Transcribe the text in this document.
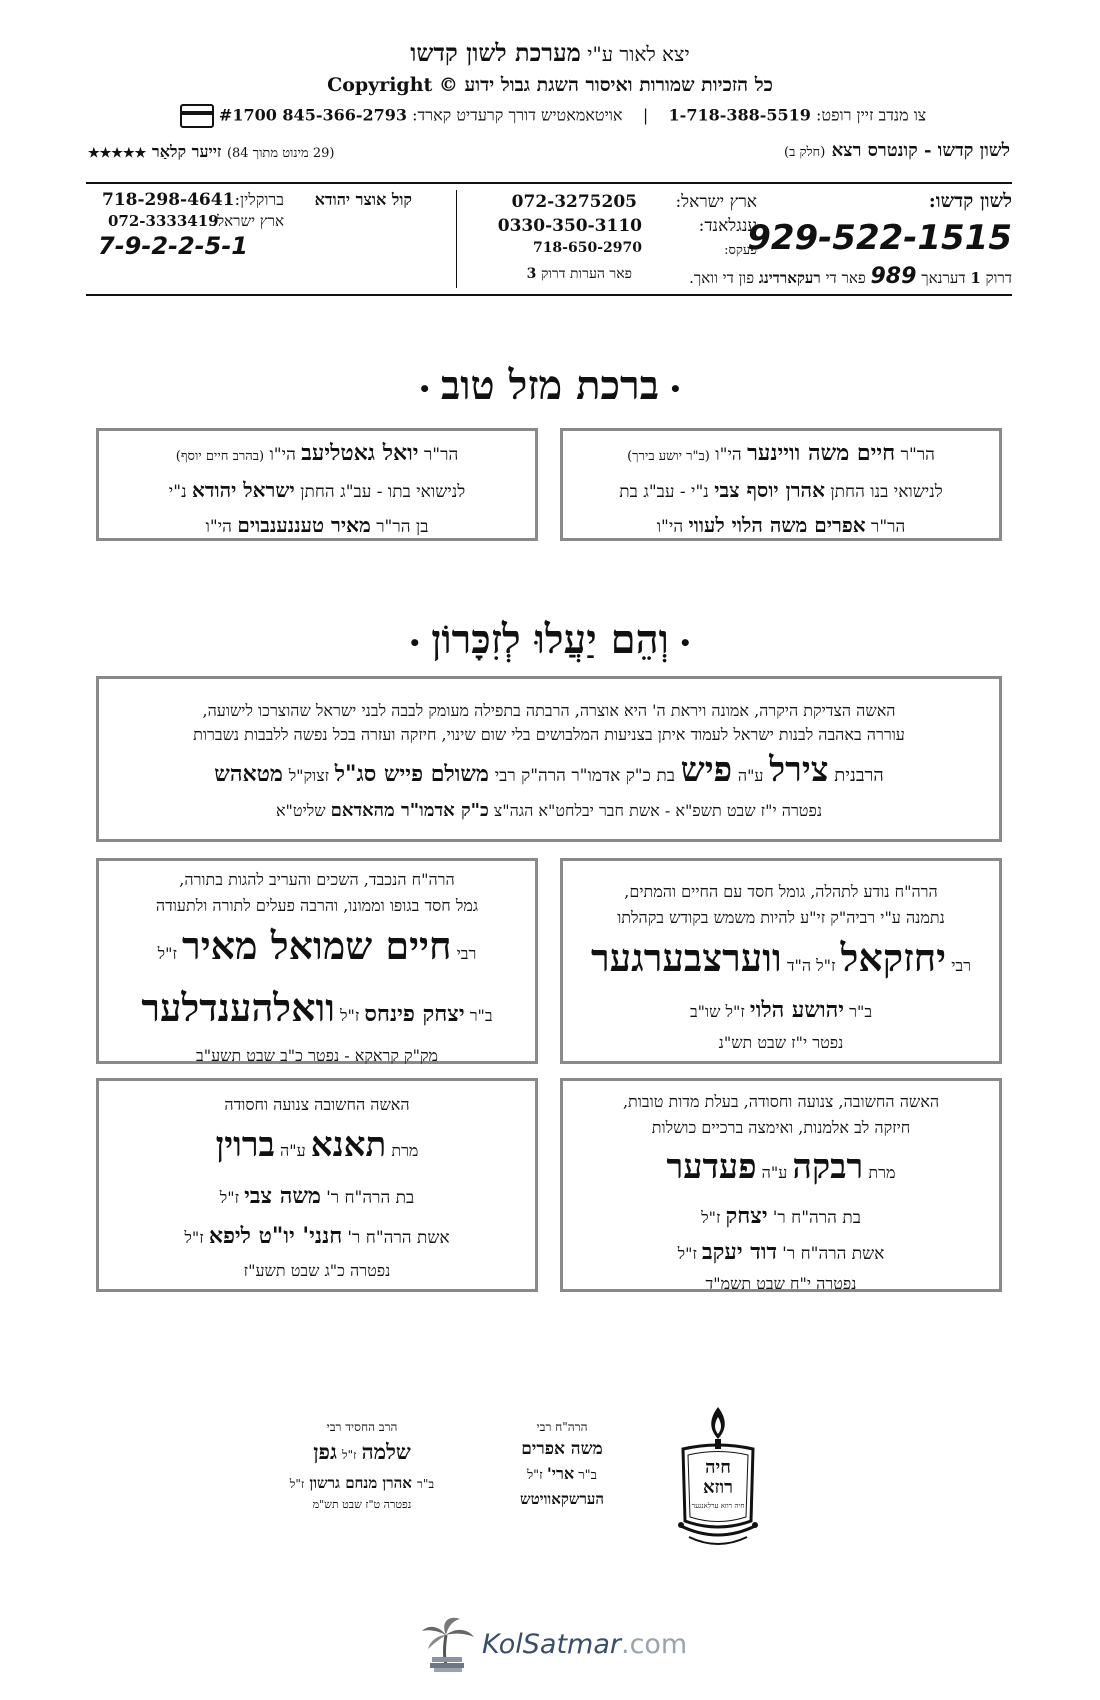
יצא לאור ע"י מערכת לשון קדשו
כל הזכיות שמורות ואיסור השגת גבול ידוע © Copyright
צו מנדב זיין רופט: 1-718-388-5519    |    אויטאמאטיש דורך קרעדיט קארד: 845-366-2793 #1700
לשון קדשו - קונטרס רצא (חלק ב)
(29 מינוט מתוך 84) זייער קלאַר ★★★★★
לשון קדשו:
929-522-1515
ארץ ישראל:
072-3275205
ענגלאנד:
0330-350-3110
פעקס:
718-650-2970
דרוק 1 דערנאך 989 פאר די רעקארדינג פון די וואך.
פאר הערות דרוק 3
קול אוצר יהודא
ברוקלין:
718-298-4641
ארץ ישראל:
072-3333419
7-9-2-2-5-1
•ברכת מזל טוב•

הר"ר חיים משה וויינער הי"ו (ב"ר יושע בירך)

לנישואי בנו החתן אהרן יוסף צבי נ"י - עב"ג בת

הר"ר אפרים משה הלוי לעווי הי"ו

הר"ר יואל גאטליעב הי"ו (בהרב חיים יוסף)

לנישואי בתו - עב"ג החתן ישראל יהודא נ"י

בן הר"ר מאיר טעננענבוים הי"ו

•וְהֵם יַעֲלוּ לְזִכָּרוֹן•

האשה הצדיקת היקרה, אמונה ויראת ה' היא אוצרה, הרבתה בתפילה מעומק לבבה לבני ישראל שהוצרכו לישועה,

עוררה באהבה לבנות ישראל לעמוד איתן בצניעות המלבושים בלי שום שינוי, חיזקה ועזרה בכל נפשה ללבבות נשברות

הרבנית צירל ע"ה פיש בת כ"ק אדמו"ר הרה"ק רבי משולם פייש סג"ל זצוק"ל מטאהש

נפטרה י"ז שבט תשפ"א - אשת חבר יבלחט"א הגה"צ כ"ק אדמו"ר מהאדאם שליט"א

הרה"ח נודע לתהלה, גומל חסד עם החיים והמתים,

נתמנה ע"י רביה"ק זי"ע להיות משמש בקודש בקהלתו

רבי יחזקאל ז"ל ה"ד ווערצבערגער

ב"ר יהושע הלוי ז"ל שו"ב

נפטר י"ז שבט תש"נ

הרה"ח הנכבד, השכים והעריב להגות בתורה,

גמל חסד בגופו וממונו, והרבה פעלים לתורה ולתעודה

רבי חיים שמואל מאיר ז"ל

ב"ר יצחק פינחס ז"ל וואלהענדלער

מק"ק קראקא - נפטר כ"ב שבט תשע"ב

האשה החשובה, צנועה וחסודה, בעלת מדות טובות,

חיזקה לב אלמנות, ואימצה ברכיים כושלות

מרת רבקה ע"ה פעדער

בת הרה"ח ר' יצחק ז"ל

אשת הרה"ח ר' דוד יעקב ז"ל

נפטרה י"ח שבט תשמ"ד

האשה החשובה צנועה וחסודה

מרת תאנא ע"ה ברוין

בת הרה"ח ר' משה צבי ז"ל

אשת הרה"ח ר' חנני' יו"ט ליפא ז"ל

נפטרה כ"ג שבט תשע"ז

חיה
רוזא
חיה רוזא ערלאנגער

הרה"ח רבי

משה אפרים

ב"ר ארי' ז"ל

הערשקאוויטש

הרב החסיד רבי

שלמה ז"ל גפן

ב"ר אהרן מנחם גרשון ז"ל

נפטרה ט"ז שבט תש"מ

KolSatmar.com
